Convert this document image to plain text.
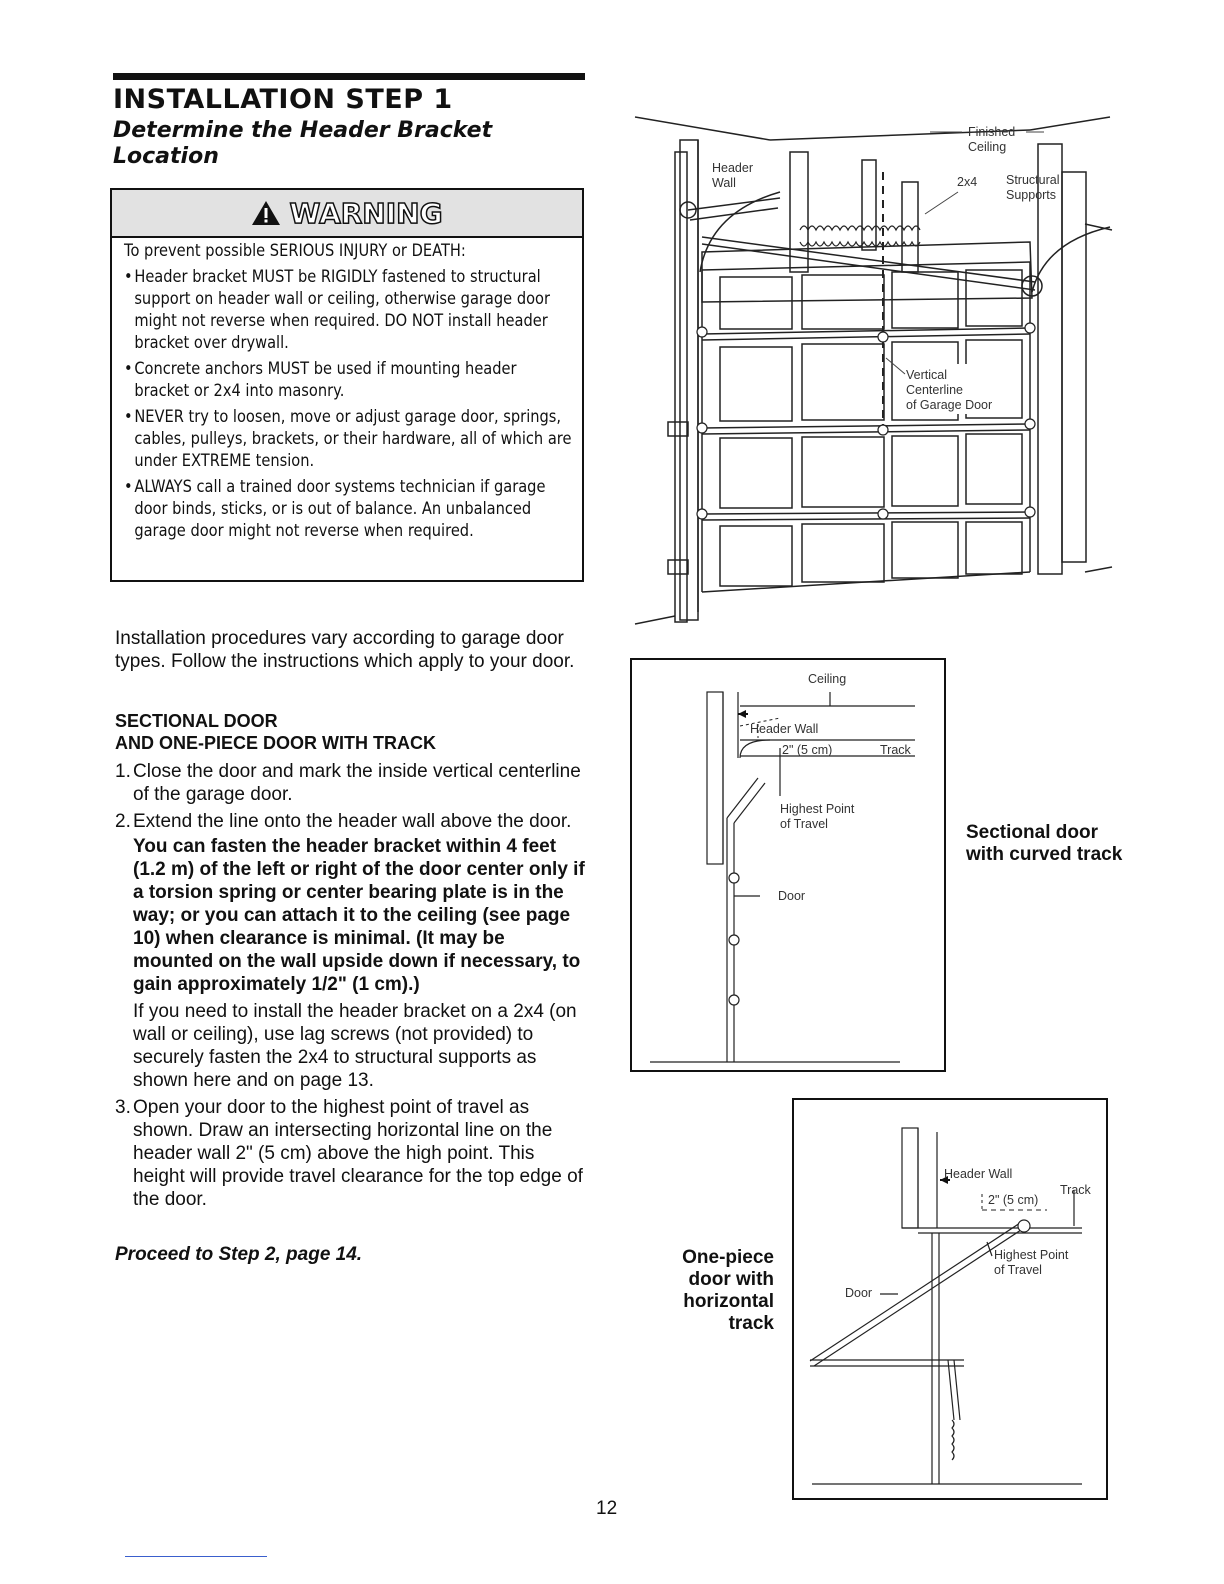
INSTALLATION STEP 1
Determine the Header Bracket
Location
WARNING
To prevent possible SERIOUS INJURY or DEATH:
• Header bracket MUST be RIGIDLY fastened to structural support on header wall or ceiling, otherwise garage door might not reverse when required. DO NOT install header bracket over drywall.
• Concrete anchors MUST be used if mounting header bracket or 2x4 into masonry.
• NEVER try to loosen, move or adjust garage door, springs, cables, pulleys, brackets, or their hardware, all of which are under EXTREME tension.
• ALWAYS call a trained door systems technician if garage door binds, sticks, or is out of balance. An unbalanced garage door might not reverse when required.
Installation procedures vary according to garage door types. Follow the instructions which apply to your door.
SECTIONAL DOOR
AND ONE-PIECE DOOR WITH TRACK
1. Close the door and mark the inside vertical centerline of the garage door.
2. Extend the line onto the header wall above the door.
You can fasten the header bracket within 4 feet (1.2 m) of the left or right of the door center only if a torsion spring or center bearing plate is in the way; or you can attach it to the ceiling (see page 10) when clearance is minimal. (It may be mounted on the wall upside down if necessary, to gain approximately 1/2" (1 cm).)
If you need to install the header bracket on a 2x4 (on wall or ceiling), use lag screws (not provided) to securely fasten the 2x4 to structural supports as shown here and on page 13.
3. Open your door to the highest point of travel as shown. Draw an intersecting horizontal line on the header wall 2" (5 cm) above the high point. This height will provide travel clearance for the top edge of the door.
Proceed to Step 2, page 14.
Header
Wall
Finished
Ceiling
2x4 Structural
Supports
Vertical
Centerline
of Garage Door
Ceiling
Header Wall
2" (5 cm)	Track
Highest Point
of Travel
Door
Sectional door with curved track
Header Wall
Track
2" (5 cm)
Highest Point
of Travel
Door
One-piece
door with
horizontal
track
12
